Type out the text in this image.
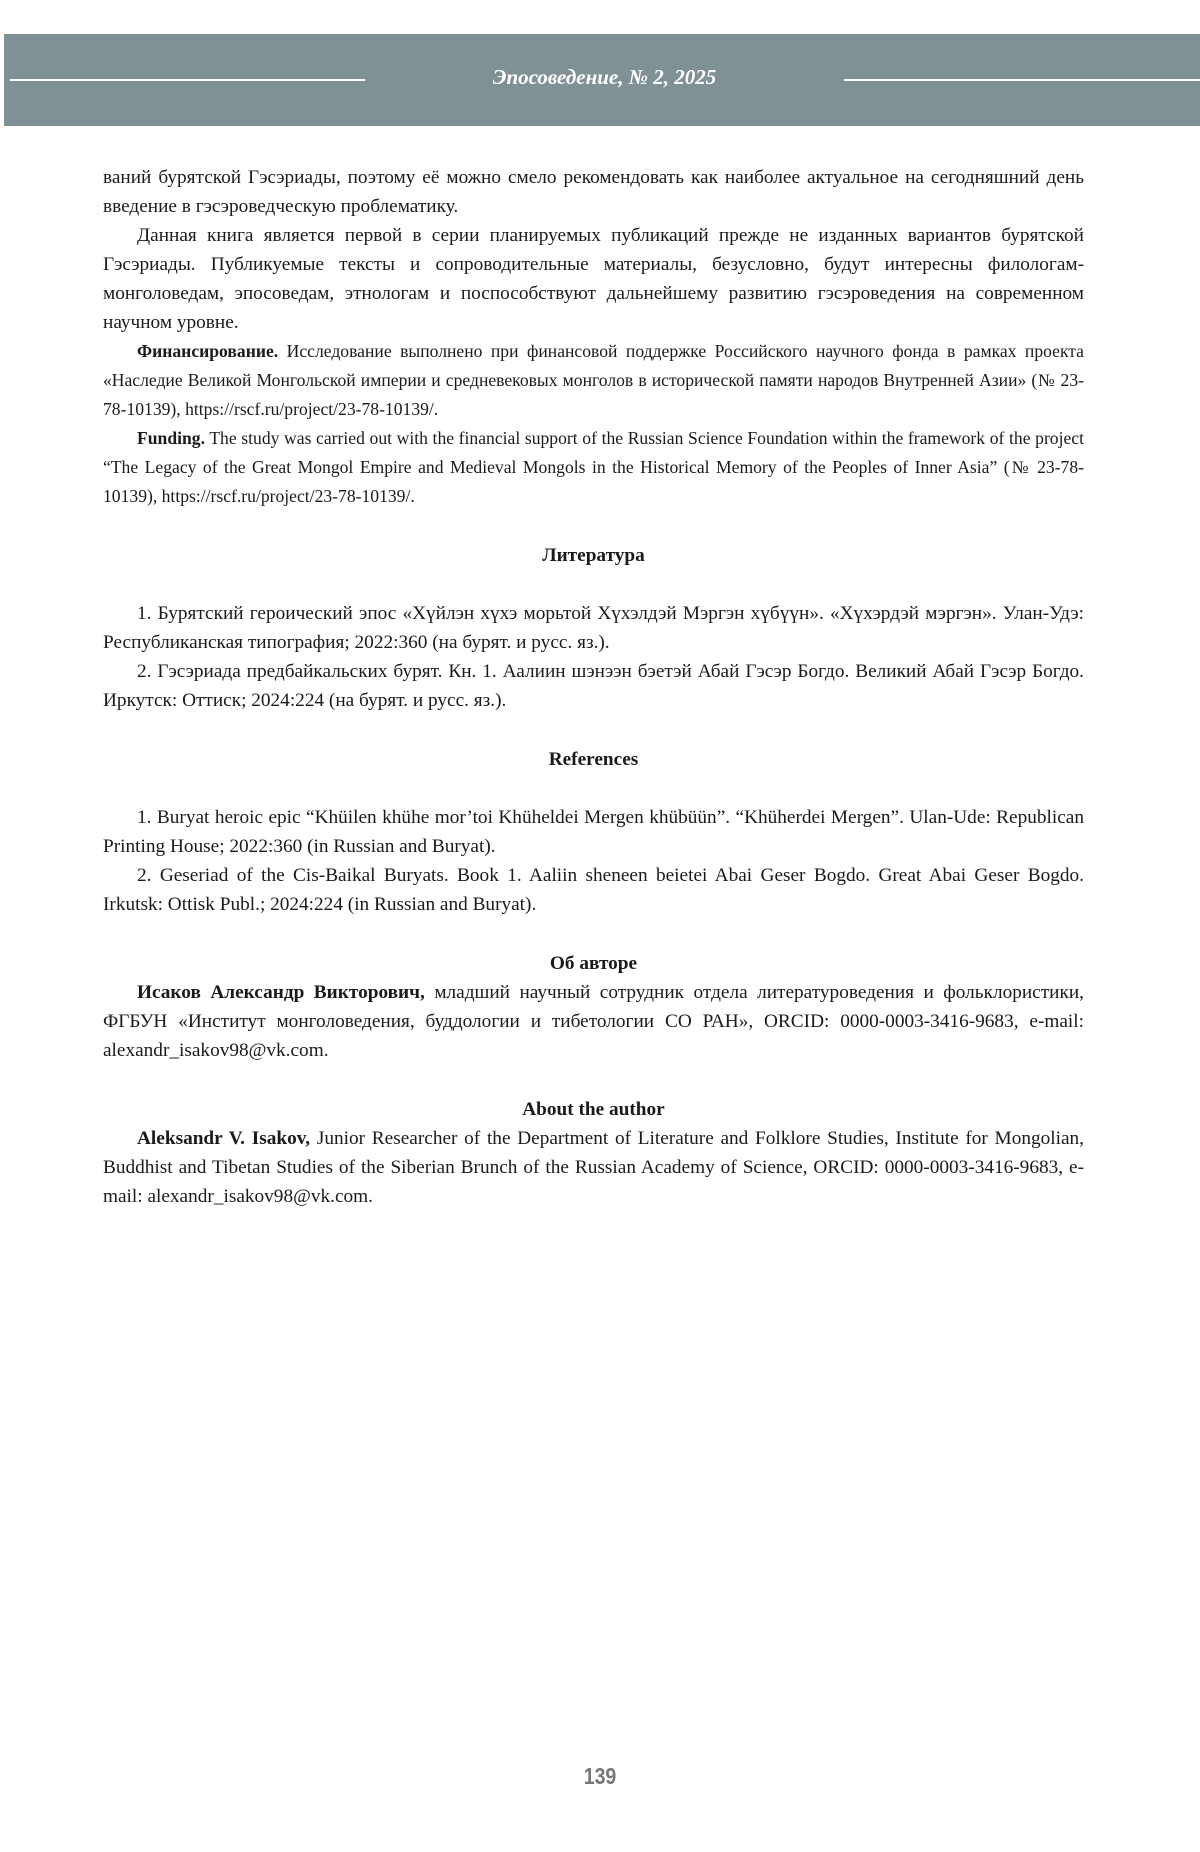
Эпосоведение, № 2, 2025

ваний бурятской Гэсэриады, поэтому её можно смело рекомендовать как наиболее актуальное на сегодняшний день введение в гэсэроведческую проблематику.

Данная книга является первой в серии планируемых публикаций прежде не изданных вариантов бурятской Гэсэриады. Публикуемые тексты и сопроводительные материалы, безусловно, будут интересны филологам-монголоведам, эпосоведам, этнологам и поспособствуют дальнейшему развитию гэсэроведения на современном научном уровне.

Финансирование. Исследование выполнено при финансовой поддержке Российского научного фонда в рамках проекта «Наследие Великой Монгольской империи и средневековых монголов в исторической памяти народов Внутренней Азии» (№ 23-78-10139), https://rscf.ru/project/23-78-10139/.

Funding. The study was carried out with the financial support of the Russian Science Foundation within the framework of the project “The Legacy of the Great Mongol Empire and Medieval Mongols in the Historical Memory of the Peoples of Inner Asia” (№ 23-78-10139), https://rscf.ru/project/23-78-10139/.

Литература

1. Бурятский героический эпос «Хүйлэн хүхэ морьтой Хүхэлдэй Мэргэн хүбүүн». «Хүхэрдэй мэргэн». Улан-Удэ: Республиканская типография; 2022:360 (на бурят. и русс. яз.).

2. Гэсэриада предбайкальских бурят. Кн. 1. Аалиин шэнээн бэетэй Абай Гэсэр Богдо. Великий Абай Гэсэр Богдо. Иркутск: Оттиск; 2024:224 (на бурят. и русс. яз.).

References

1. Buryat heroic epic “Khüilen khühe mor’toi Khüheldei Mergen khübüün”. “Khüherdei Mergen”. Ulan-Ude: Republican Printing House; 2022:360 (in Russian and Buryat).

2. Geseriad of the Cis-Baikal Buryats. Book 1. Aaliin sheneen beietei Abai Geser Bogdo. Great Abai Geser Bogdo. Irkutsk: Ottisk Publ.; 2024:224 (in Russian and Buryat).

Об авторе

Исаков Александр Викторович, младший научный сотрудник отдела литературоведения и фольклористики, ФГБУН «Институт монголоведения, буддологии и тибетологии СО РАН», ORCID: 0000-0003-3416-9683, e-mail: alexandr_isakov98@vk.com.

About the author

Aleksandr V. Isakov, Junior Researcher of the Department of Literature and Folklore Studies, Institute for Mongolian, Buddhist and Tibetan Studies of the Siberian Brunch of the Russian Academy of Science, ORCID: 0000-0003-3416-9683, e-mail: alexandr_isakov98@vk.com.

139
